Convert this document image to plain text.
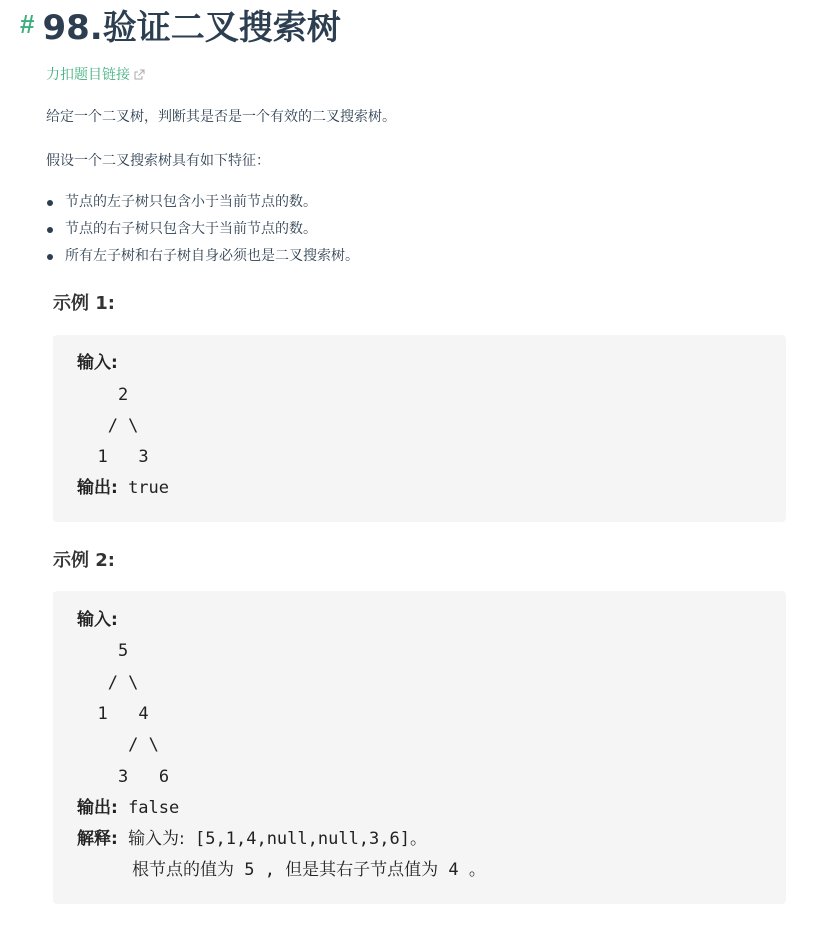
# 98.验证二叉搜索树
力扣题目链接
给定一个二叉树，判断其是否是一个有效的二叉搜索树。
假设一个二叉搜索树具有如下特征：
节点的左子树只包含小于当前节点的数。
节点的右子树只包含大于当前节点的数。
所有左子树和右子树自身必须也是二叉搜索树。
示例 1:
输入:
2
/ \
1   3
输出: true
示例 2:
输入:
5
/ \
1   4
/ \
3   6
输出: false
解释: 输入为: [5,1,4,null,null,3,6]。
根节点的值为 5 , 但是其右子节点值为 4 。
